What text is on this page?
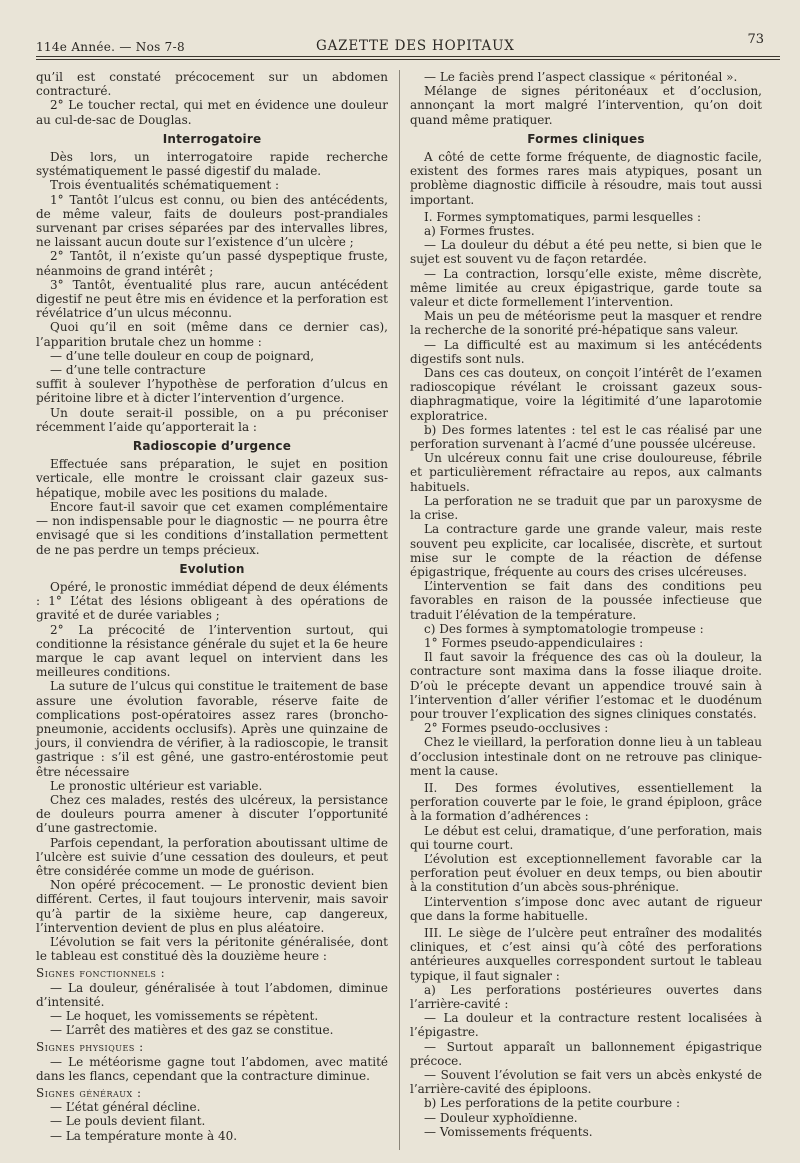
114e Année. — Nos 7-8	GAZETTE DES HOPITAUX	73

qu’il est constaté précocement sur un abdomen contracturé.

2° Le toucher rectal, qui met en évidence une douleur au cul-de-sac de Douglas.

Interrogatoire

Dès lors, un interrogatoire rapide recherche systématiquement le passé digestif du malade.

Trois éventualités schématiquement :

1° Tantôt l’ulcus est connu, ou bien des antécédents, de même valeur, faits de douleurs post-prandiales survenant par crises séparées par des intervalles libres, ne laissant aucun doute sur l’existence d’un ulcère ;

2° Tantôt, il n’existe qu’un passé dyspeptique fruste, néanmoins de grand intérêt ;

3° Tantôt, éventualité plus rare, aucun antécédent digestif ne peut être mis en évidence et la perforation est révélatrice d’un ulcus méconnu.

Quoi qu’il en soit (même dans ce dernier cas), l’apparition brutale chez un homme :

— d’une telle douleur en coup de poignard,

— d’une telle contracture

suffit à soulever l’hypothèse de perforation d’ulcus en péritoine libre et à dicter l’intervention d’urgence.

Un doute serait-il possible, on a pu préconiser récemment l’aide qu’apporterait la :

Radioscopie d’urgence

Effectuée sans préparation, le sujet en position verticale, elle montre le croissant clair gazeux sus-hépatique, mobile avec les positions du malade.

Encore faut-il savoir que cet examen complémentaire — non indispensable pour le diagnostic — ne pourra être envisagé que si les conditions d’installation permettent de ne pas perdre un temps précieux.

Evolution

Opéré, le pronostic immédiat dépend de deux éléments : 1° L’état des lésions obligeant à des opérations de gravité et de durée variables ;

2° La précocité de l’intervention surtout, qui conditionne la résistance générale du sujet et la 6e heure marque le cap avant lequel on intervient dans les meilleures conditions.

La suture de l’ulcus qui constitue le traitement de base assure une évolution favorable, réserve faite de complications post-opératoires assez rares (broncho-pneumonie, accidents occlusifs). Après une quinzaine de jours, il conviendra de vérifier, à la radioscopie, le transit gastrique : s’il est gêné, une gastro-entérostomie peut être nécessaire

Le pronostic ultérieur est variable.

Chez ces malades, restés des ulcéreux, la persistance de douleurs pourra amener à discuter l’opportunité d’une gastrectomie.

Parfois cependant, la perforation aboutissant ultime de l’ulcère est suivie d’une cessation des douleurs, et peut être considérée comme un mode de guérison.

Non opéré précocement. — Le pronostic devient bien différent. Certes, il faut toujours intervenir, mais savoir qu’à partir de la sixième heure, cap dangereux, l’intervention devient de plus en plus aléatoire.

L’évolution se fait vers la péritonite généralisée, dont le tableau est constitué dès la douzième heure :

Signes fonctionnels :

— La douleur, généralisée à tout l’abdomen, diminue d’intensité.

— Le hoquet, les vomissements se répètent.

— L’arrêt des matières et des gaz se constitue.

Signes physiques :

— Le météorisme gagne tout l’abdomen, avec matité dans les flancs, cependant que la contracture diminue.

Signes généraux :

— L’état général décline.

— Le pouls devient filant.

— La température monte à 40.

— Le faciès prend l’aspect classique « péritonéal ».

Mélange de signes péritonéaux et d’occlusion, annonçant la mort malgré l’intervention, qu’on doit quand même pratiquer.

Formes cliniques

A côté de cette forme fréquente, de diagnostic facile, existent des formes rares mais atypiques, posant un problème diagnostic difficile à résoudre, mais tout aussi important.

I. Formes symptomatiques, parmi lesquelles :

a) Formes frustes.

— La douleur du début a été peu nette, si bien que le sujet est souvent vu de façon retardée.

— La contraction, lorsqu’elle existe, même discrète, même limitée au creux épigastrique, garde toute sa valeur et dicte formellement l’intervention.

Mais un peu de météorisme peut la masquer et rendre la recherche de la sonorité pré-hépatique sans valeur.

— La difficulté est au maximum si les antécédents digestifs sont nuls.

Dans ces cas douteux, on conçoit l’intérêt de l’examen radioscopique révélant le croissant gazeux sous-diaphragmatique, voire la légitimité d’une laparotomie exploratrice.

b) Des formes latentes : tel est le cas réalisé par une perforation survenant à l’acmé d’une poussée ulcéreuse.

Un ulcéreux connu fait une crise douloureuse, fébrile et particulièrement réfractaire au repos, aux calmants habituels.

La perforation ne se traduit que par un paroxysme de la crise.

La contracture garde une grande valeur, mais reste souvent peu explicite, car localisée, discrète, et surtout mise sur le compte de la réaction de défense épigastrique, fréquente au cours des crises ulcéreuses.

L’intervention se fait dans des conditions peu favorables en raison de la poussée infectieuse que traduit l’élévation de la température.

c) Des formes à symptomatologie trompeuse :

1° Formes pseudo-appendiculaires :

Il faut savoir la fréquence des cas où la douleur, la contracture sont maxima dans la fosse iliaque droite. D’où le précepte devant un appendice trouvé sain à l’intervention d’aller vérifier l’estomac et le duodénum pour trouver l’explication des signes cliniques constatés.

2° Formes pseudo-occlusives :

Chez le vieillard, la perforation donne lieu à un tableau d’occlusion intestinale dont on ne retrouve pas clinique-ment la cause.

II. Des formes évolutives, essentiellement la perforation couverte par le foie, le grand épiploon, grâce à la formation d’adhérences :

Le début est celui, dramatique, d’une perforation, mais qui tourne court.

L’évolution est exceptionnellement favorable car la perforation peut évoluer en deux temps, ou bien aboutir à la constitution d’un abcès sous-phrénique.

L’intervention s’impose donc avec autant de rigueur que dans la forme habituelle.

III. Le siège de l’ulcère peut entraîner des modalités cliniques, et c’est ainsi qu’à côté des perforations antérieures auxquelles correspondent surtout le tableau typique, il faut signaler :

a) Les perforations postérieures ouvertes dans l’arrière-cavité :

— La douleur et la contracture restent localisées à l’épigastre.

— Surtout apparaît un ballonnement épigastrique précoce.

— Souvent l’évolution se fait vers un abcès enkysté de l’arrière-cavité des épiploons.

b) Les perforations de la petite courbure :

— Douleur xyphoïdienne.

— Vomissements fréquents.
